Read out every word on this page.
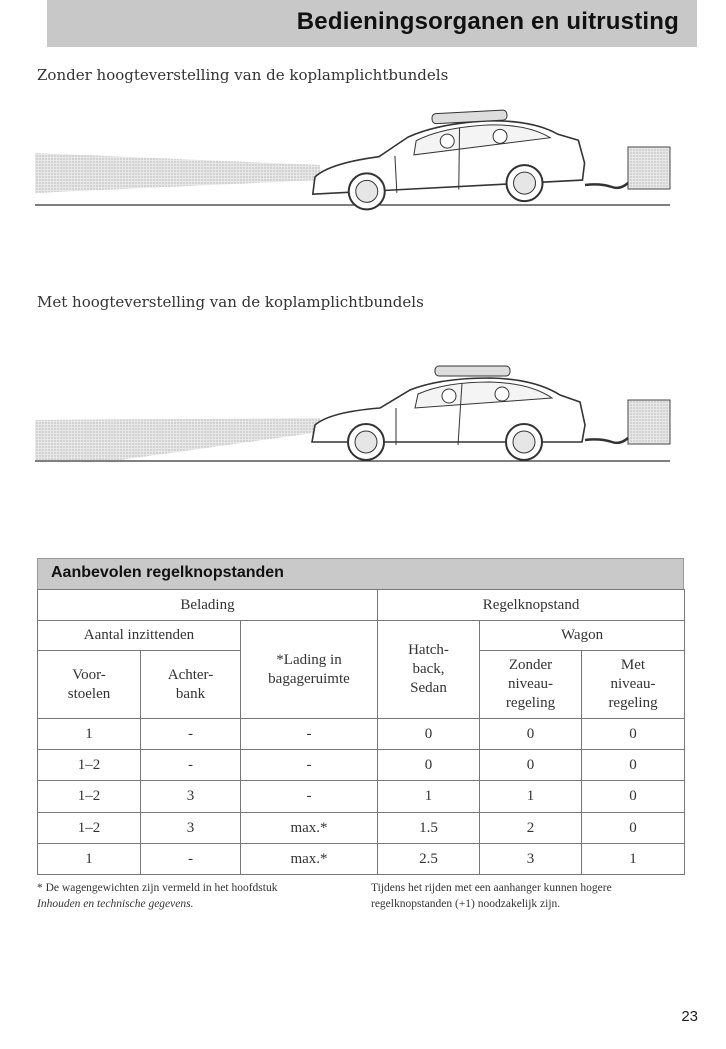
Bedieningsorganen en uitrusting
Zonder hoogteverstelling van de koplamplichtbundels
Met hoogteverstelling van de koplamplichtbundels
Aanbevolen regelknopstanden
Belading			Regelknopstand		
Aantal inzittenden		*Lading in bagageruimte	Hatch- back, Sedan	Wagon	
Voor- stoelen	Achter- bank			Zonder niveau- regeling	Met niveau- regeling
1	-	-	0	0	0
1–2	-	-	0	0	0
1–2	3	-	1	1	0
1–2	3	max.*	1.5	2	0
1	-	max.*	2.5	3	1
* De wagengewichten zijn vermeld in het hoofdstuk
Inhouden en technische gegevens.
Tijdens het rijden met een aanhanger kunnen hogere regelknopstanden (+1) noodzakelijk zijn.
23
